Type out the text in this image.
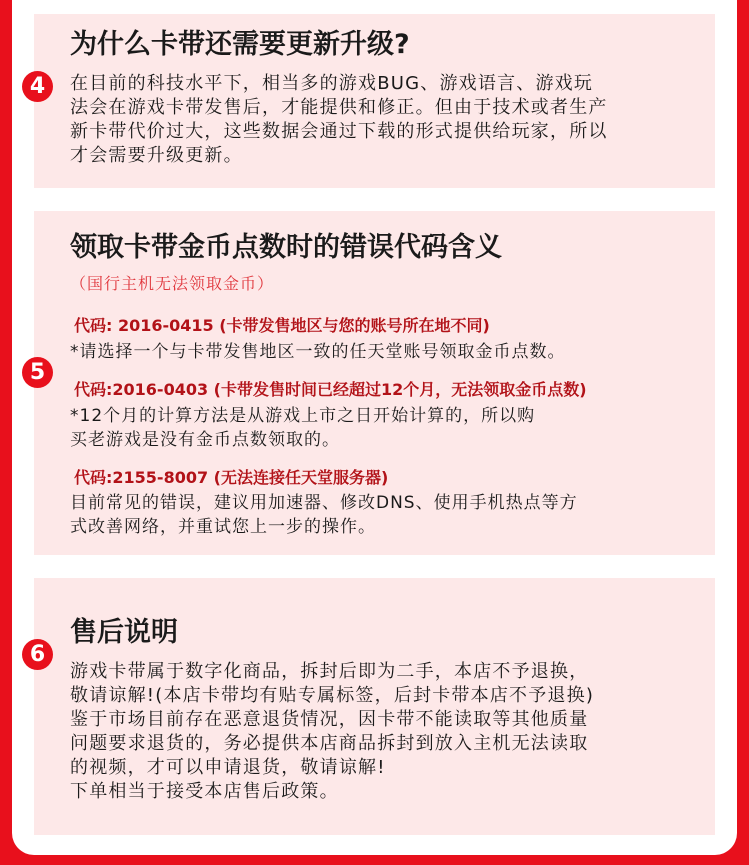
为什么卡带还需要更新升级?
在目前的科技水平下，相当多的游戏BUG、游戏语言、游戏玩
法会在游戏卡带发售后，才能提供和修正。但由于技术或者生产
新卡带代价过大，这些数据会通过下载的形式提供给玩家，所以
才会需要升级更新。
领取卡带金币点数时的错误代码含义
（国行主机无法领取金币）
代码: 2016-0415 (卡带发售地区与您的账号所在地不同)
*请选择一个与卡带发售地区一致的任天堂账号领取金币点数。
代码:2016-0403 (卡带发售时间已经超过12个月，无法领取金币点数)
*12个月的计算方法是从游戏上市之日开始计算的，所以购
买老游戏是没有金币点数领取的。
代码:2155-8007 (无法连接任天堂服务器)
目前常见的错误，建议用加速器、修改DNS、使用手机热点等方
式改善网络，并重试您上一步的操作。
售后说明
游戏卡带属于数字化商品，拆封后即为二手，本店不予退换，
敬请谅解!(本店卡带均有贴专属标签，后封卡带本店不予退换)
鉴于市场目前存在恶意退货情况，因卡带不能读取等其他质量
问题要求退货的，务必提供本店商品拆封到放入主机无法读取
的视频，才可以申请退货，敬请谅解!
下单相当于接受本店售后政策。
4
5
6
